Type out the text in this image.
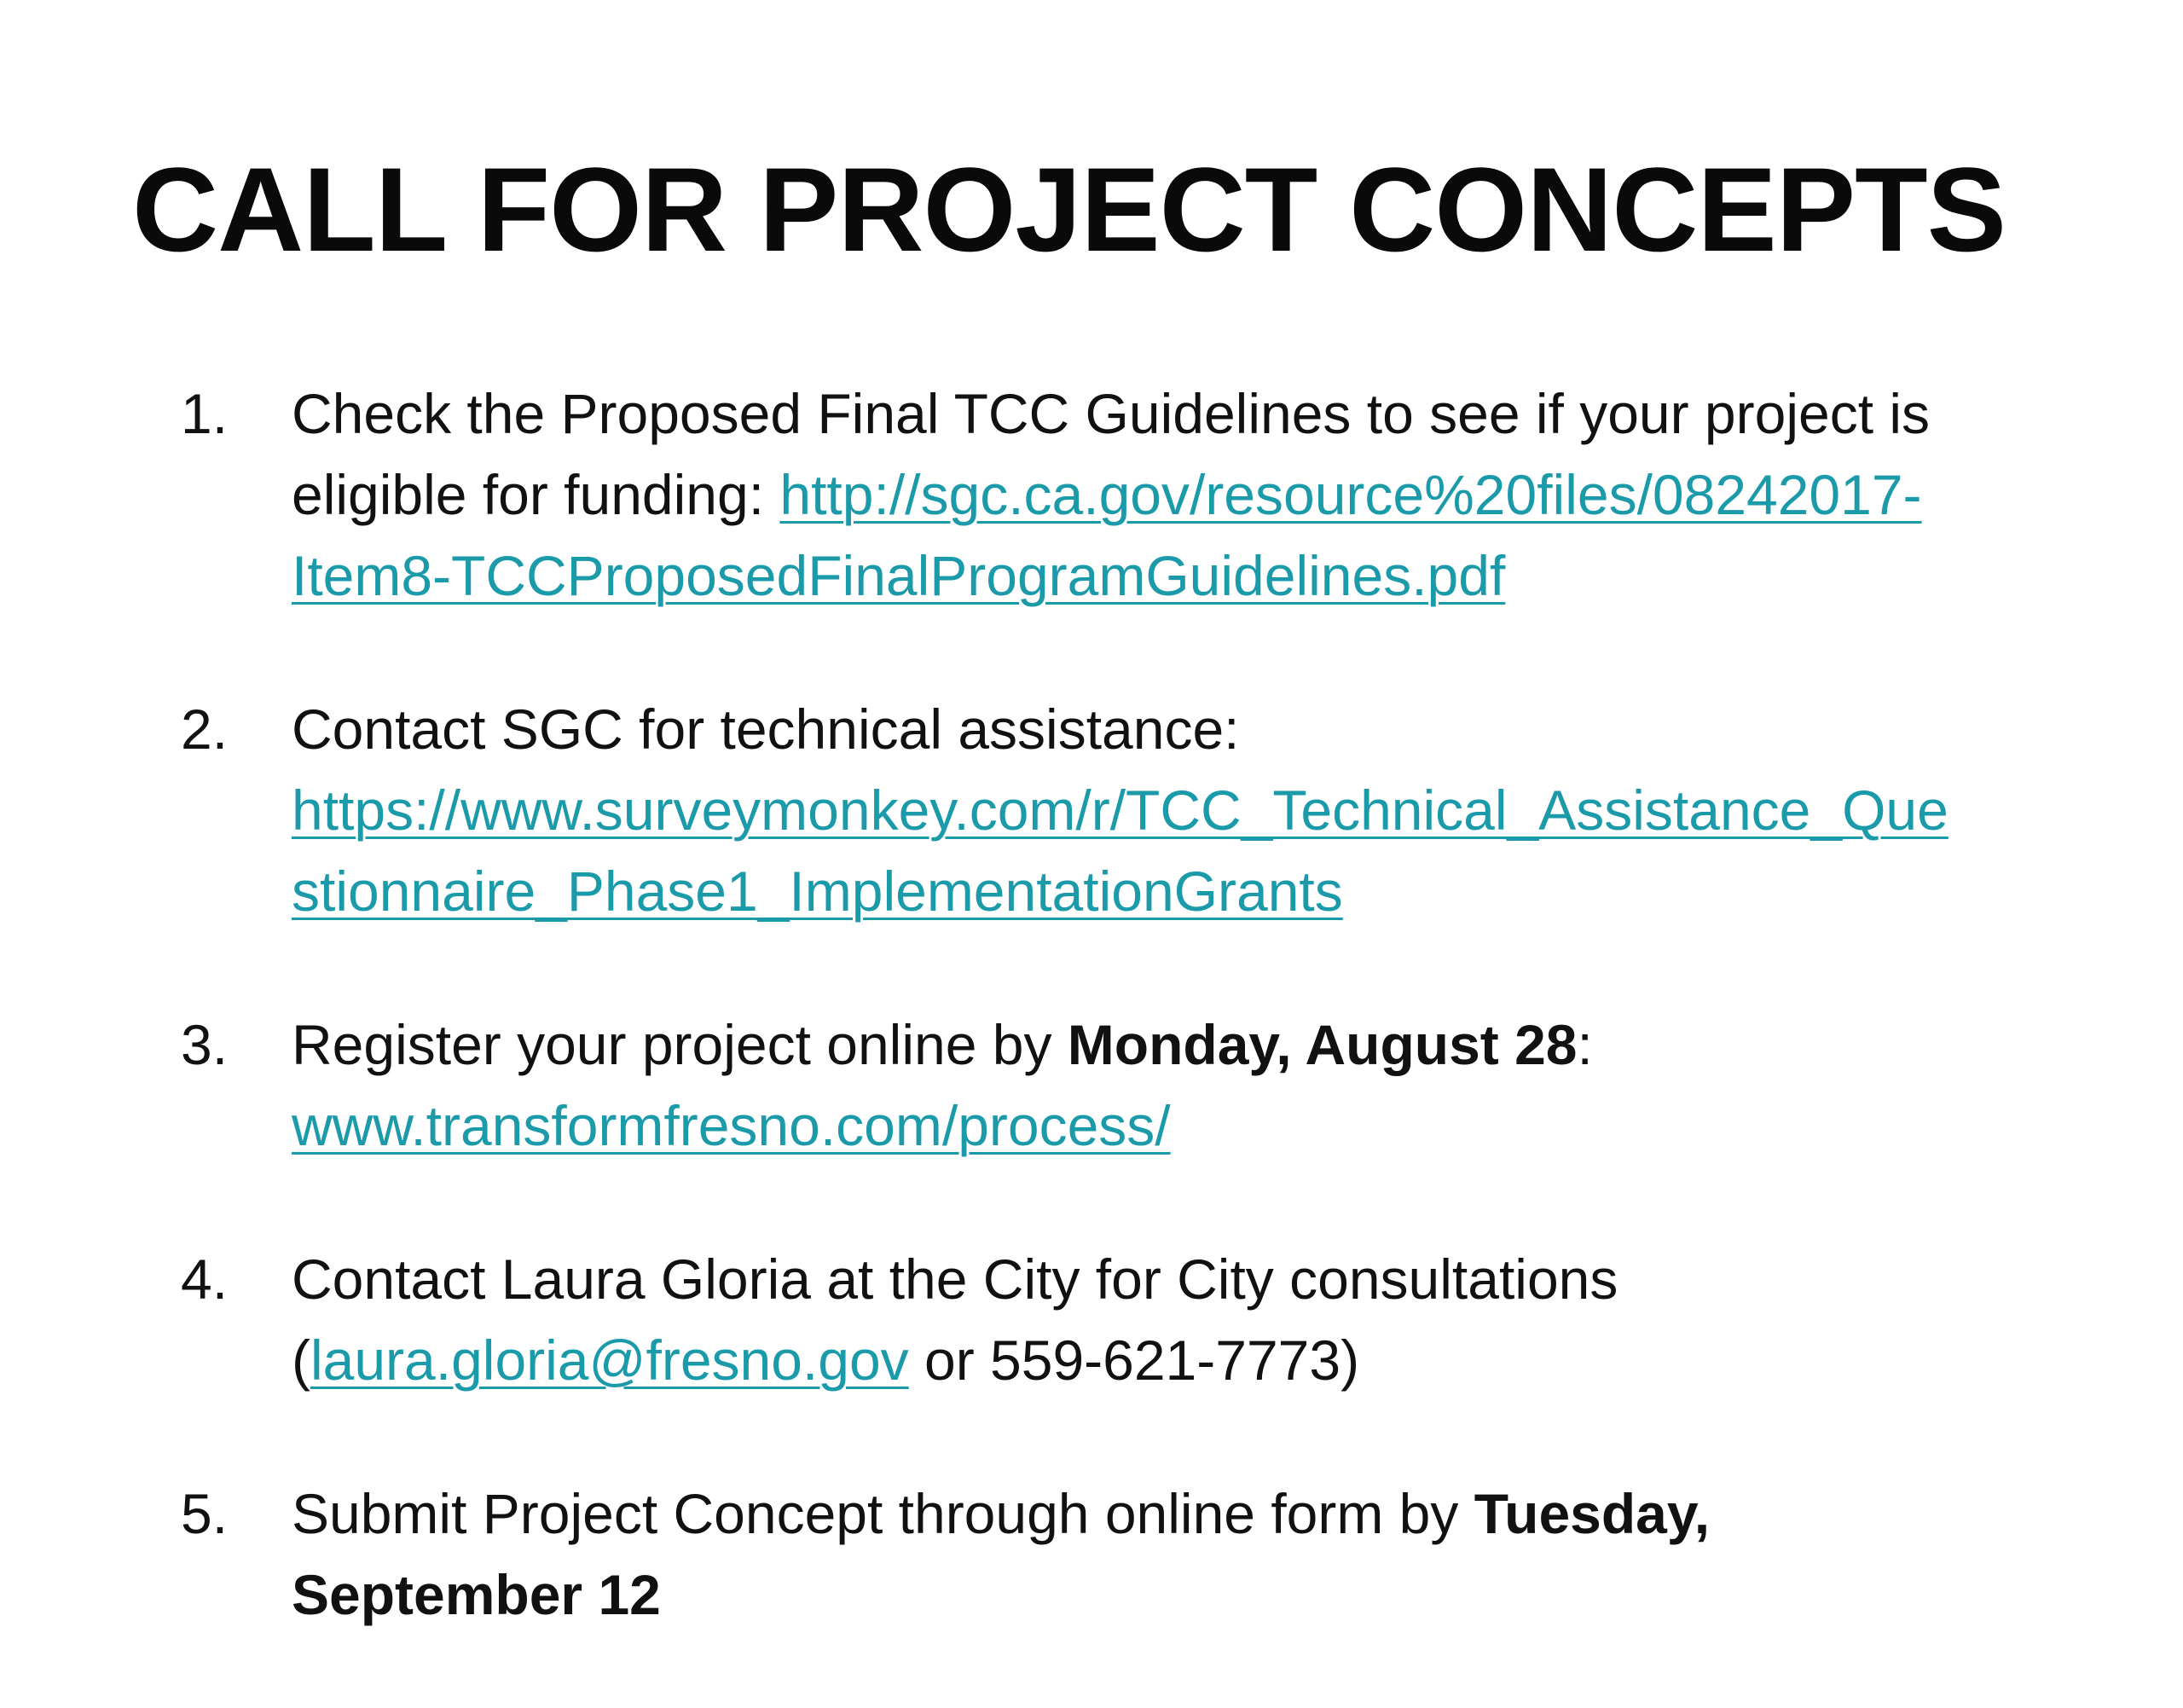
CALL FOR PROJECT CONCEPTS
1. Check the Proposed Final TCC Guidelines to see if your project is
eligible for funding: http://sgc.ca.gov/resource%20files/08242017-
Item8-TCCProposedFinalProgramGuidelines.pdf
2. Contact SGC for technical assistance:
https://www.surveymonkey.com/r/TCC_Technical_Assistance_Que
stionnaire_Phase1_ImplementationGrants
3. Register your project online by Monday, August 28:
www.transformfresno.com/process/
4. Contact Laura Gloria at the City for City consultations
(laura.gloria@fresno.gov or 559-621-7773)
5. Submit Project Concept through online form by Tuesday,
September 12
